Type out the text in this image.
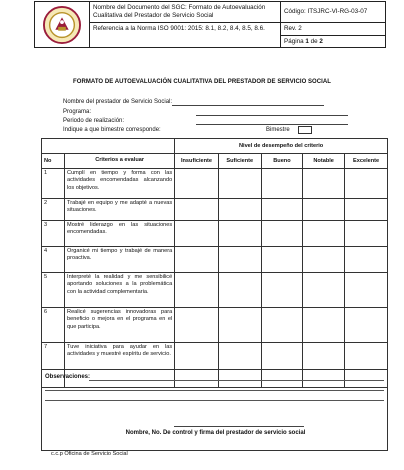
	Nombre del Documento del SGC: Formato de Autoevaluación Cualitativa del Prestador de Servicio Social	Código: ITSJRC-VI-RG-03-07
	Referencia a la Norma ISO 9001: 2015: 8.1, 8.2, 8.4, 8.5, 8.6.	Rev. 2
		Página 1 de 2
FORMATO DE AUTOEVALUACIÓN CUALITATIVA DEL PRESTADOR DE SERVICIO SOCIAL
Nombre del prestador de Servicio Social:
Programa:
Periodo de realización:
Indique a que bimestre corresponde:	Bimestre
		Nivel de desempeño del criterio				
No	Criterios a evaluar	Insuficiente	Suficiente	Bueno	Notable	Excelente
1	Cumplí en tiempo y forma con las actividades encomendadas alcanzando los objetivos.					
2	Trabajé en equipo y me adapté a nuevas situaciones.					
3	Mostré liderazgo en las situaciones encomendadas.					
4	Organicé mi tiempo y trabajé de manera proactiva.					
5	Interpreté la realidad y me sensibilicé aportando soluciones a la problemática con la actividad complementaria.					
6	Realicé sugerencias innovadoras para beneficio o mejora en el programa en el que participa.					
7	Tuve iniciativa para ayudar en las actividades y muestré espíritu de servicio.					
Observaciones:
Nombre, No. De control y firma del prestador de servicio social
c.c.p Oficina de Servicio Social
